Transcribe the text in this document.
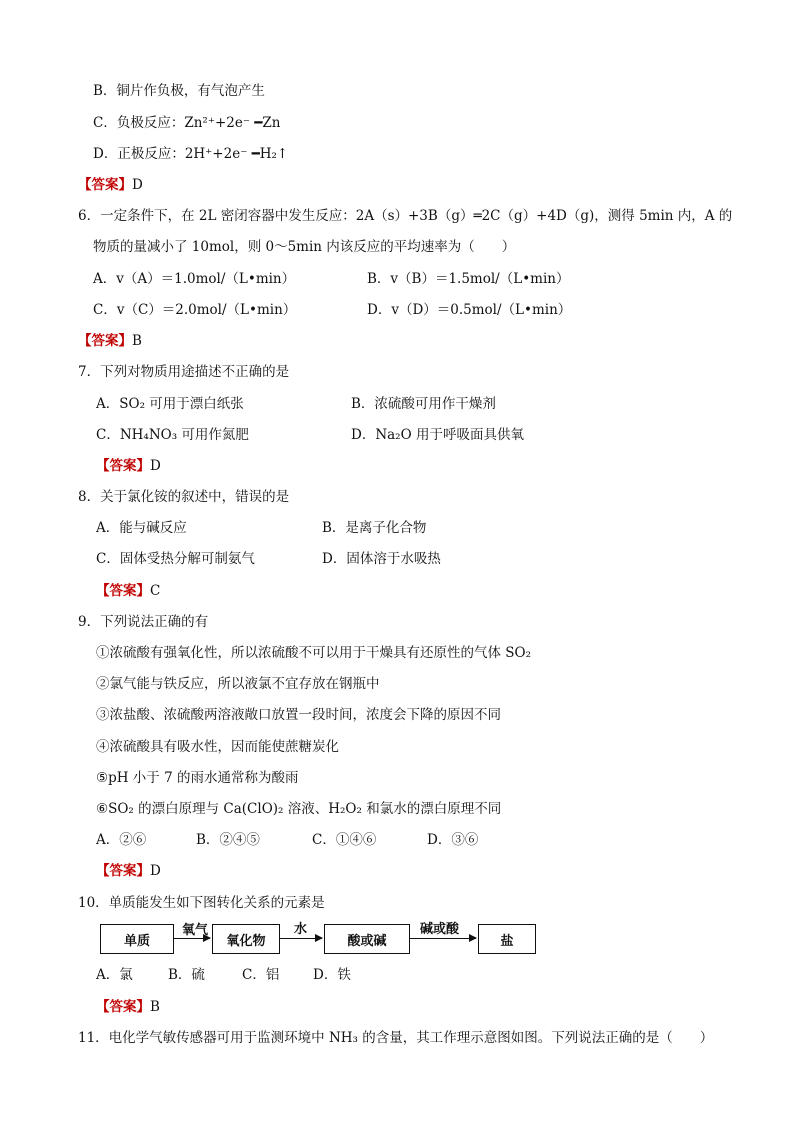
B．铜片作负极，有气泡产生
C．负极反应：Zn²⁺+2e⁻ ━Zn
D．正极反应：2H⁺+2e⁻ ━H₂↑
【答案】D
6．一定条件下，在 2L 密闭容器中发生反应：2A（s）+3B（g）═2C（g）+4D（g)，测得 5min 内，A 的
物质的量减小了 10mol，则 0～5min 内该反应的平均速率为（　　）
A．v（A）＝1.0mol/（L•min）	B．v（B）＝1.5mol/（L•min）
C．v（C）＝2.0mol/（L•min）	D．v（D）＝0.5mol/（L•min）
【答案】B
7．下列对物质用途描述不正确的是
A．SO₂ 可用于漂白纸张	B．浓硫酸可用作干燥剂
C．NH₄NO₃ 可用作氮肥	D．Na₂O 用于呼吸面具供氧
【答案】D
8．关于氯化铵的叙述中，错误的是
A．能与碱反应	B．是离子化合物
C．固体受热分解可制氨气	D．固体溶于水吸热
【答案】C
9．下列说法正确的有
①浓硫酸有强氧化性，所以浓硫酸不可以用于干燥具有还原性的气体 SO₂
②氯气能与铁反应，所以液氯不宜存放在钢瓶中
③浓盐酸、浓硫酸两溶液敞口放置一段时间，浓度会下降的原因不同
④浓硫酸具有吸水性，因而能使蔗糖炭化
⑤pH 小于 7 的雨水通常称为酸雨
⑥SO₂ 的漂白原理与 Ca(ClO)₂ 溶液、H₂O₂ 和氯水的漂白原理不同
A．②⑥	B．②④⑤	C．①④⑥	D．③⑥
【答案】D
10．单质能发生如下图转化关系的元素是
单质
氧气
氧化物
水
酸或碱
碱或酸
盐
A．氯	B．硫	C．铝 D．铁
【答案】B
11．电化学气敏传感器可用于监测环境中 NH₃ 的含量，其工作理示意图如图。下列说法正确的是（　　）
